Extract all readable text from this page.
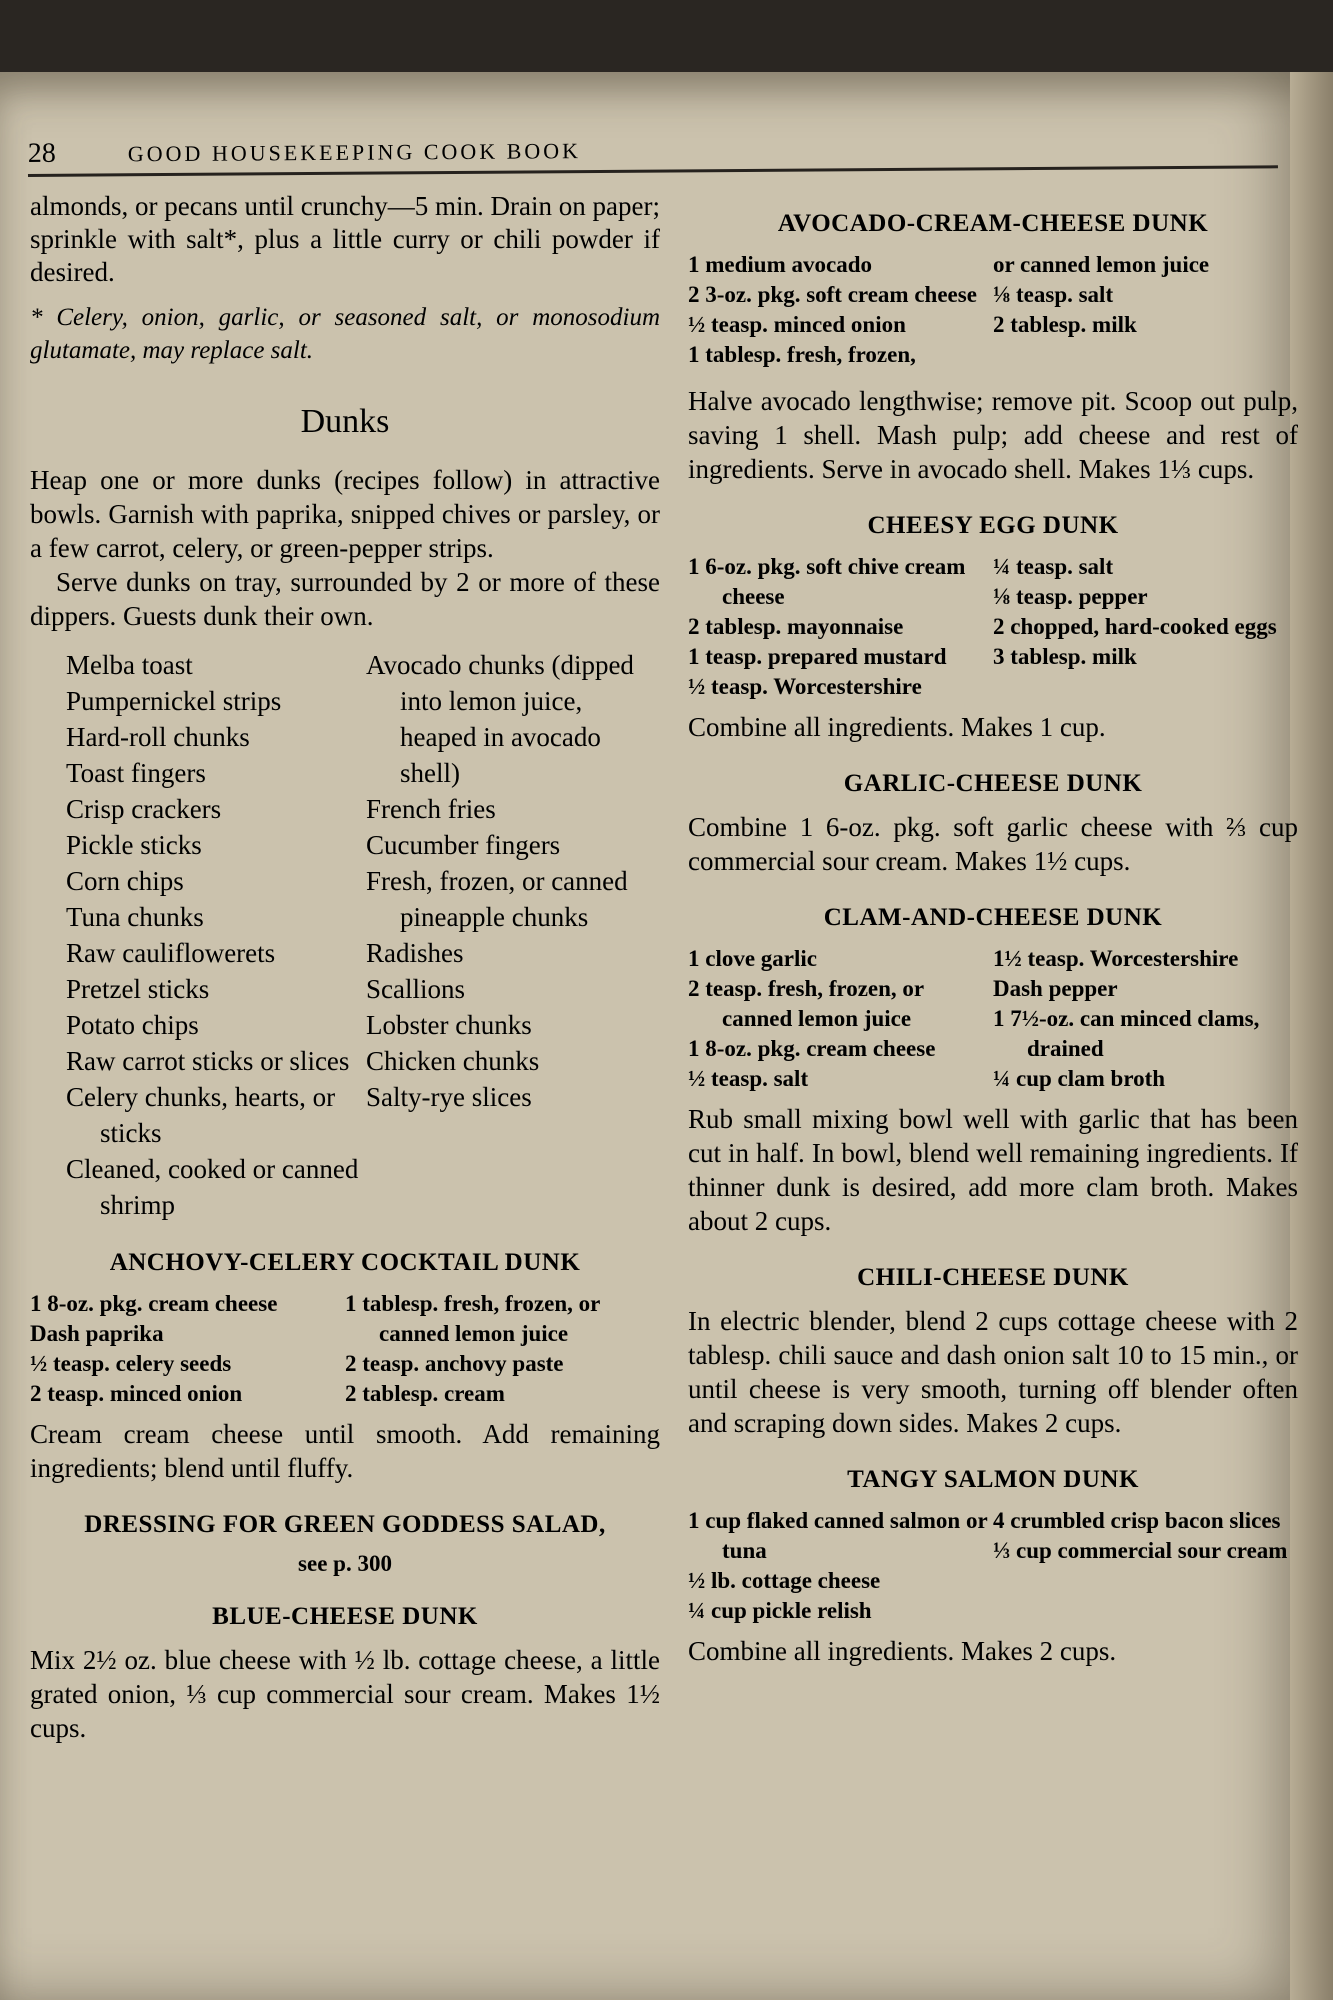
28	GOOD HOUSEKEEPING COOK BOOK

almonds, or pecans until crunchy—5 min. Drain on paper; sprinkle with salt*, plus a little curry or chili powder if desired.

* Celery, onion, garlic, or seasoned salt, or monosodium glutamate, may replace salt.

Dunks

Heap one or more dunks (recipes follow) in attractive bowls. Garnish with paprika, snipped chives or parsley, or a few carrot, celery, or green-pepper strips.

Serve dunks on tray, surrounded by 2 or more of these dippers. Guests dunk their own.

Melba toast
Pumpernickel strips
Hard-roll chunks
Toast fingers
Crisp crackers
Pickle sticks
Corn chips
Tuna chunks
Raw cauliflowerets
Pretzel sticks
Potato chips
Raw carrot sticks or slices
Celery chunks, hearts, or sticks
Cleaned, cooked or canned shrimp
Avocado chunks (dipped into lemon juice, heaped in avocado shell)
French fries
Cucumber fingers
Fresh, frozen, or canned pineapple chunks
Radishes
Scallions
Lobster chunks
Chicken chunks
Salty-rye slices
ANCHOVY-CELERY COCKTAIL DUNK
1 8-oz. pkg. cream cheese
Dash paprika
½ teasp. celery seeds
2 teasp. minced onion
1 tablesp. fresh, frozen, or canned lemon juice
2 teasp. anchovy paste
2 tablesp. cream

Cream cream cheese until smooth. Add remaining ingredients; blend until fluffy.

DRESSING FOR GREEN GODDESS SALAD,
see p. 300
BLUE-CHEESE DUNK

Mix 2½ oz. blue cheese with ½ lb. cottage cheese, a little grated onion, ⅓ cup commercial sour cream. Makes 1½ cups.

AVOCADO-CREAM-CHEESE DUNK
1 medium avocado
2 3-oz. pkg. soft cream cheese
½ teasp. minced onion
1 tablesp. fresh, frozen,
or canned lemon juice
⅛ teasp. salt
2 tablesp. milk

Halve avocado lengthwise; remove pit. Scoop out pulp, saving 1 shell. Mash pulp; add cheese and rest of ingredients. Serve in avocado shell. Makes 1⅓ cups.

CHEESY EGG DUNK
1 6-oz. pkg. soft chive cream cheese
2 tablesp. mayonnaise
1 teasp. prepared mustard
½ teasp. Worcestershire
¼ teasp. salt
⅛ teasp. pepper
2 chopped, hard-cooked eggs
3 tablesp. milk

Combine all ingredients. Makes 1 cup.

GARLIC-CHEESE DUNK

Combine 1 6-oz. pkg. soft garlic cheese with ⅔ cup commercial sour cream. Makes 1½ cups.

CLAM-AND-CHEESE DUNK
1 clove garlic
2 teasp. fresh, frozen, or canned lemon juice
1 8-oz. pkg. cream cheese
½ teasp. salt
1½ teasp. Worcestershire
Dash pepper
1 7½-oz. can minced clams, drained
¼ cup clam broth

Rub small mixing bowl well with garlic that has been cut in half. In bowl, blend well remaining ingredients. If thinner dunk is desired, add more clam broth. Makes about 2 cups.

CHILI-CHEESE DUNK

In electric blender, blend 2 cups cottage cheese with 2 tablesp. chili sauce and dash onion salt 10 to 15 min., or until cheese is very smooth, turning off blender often and scraping down sides. Makes 2 cups.

TANGY SALMON DUNK
1 cup flaked canned salmon or tuna
½ lb. cottage cheese
¼ cup pickle relish
4 crumbled crisp bacon slices
⅓ cup commercial sour cream

Combine all ingredients. Makes 2 cups.
